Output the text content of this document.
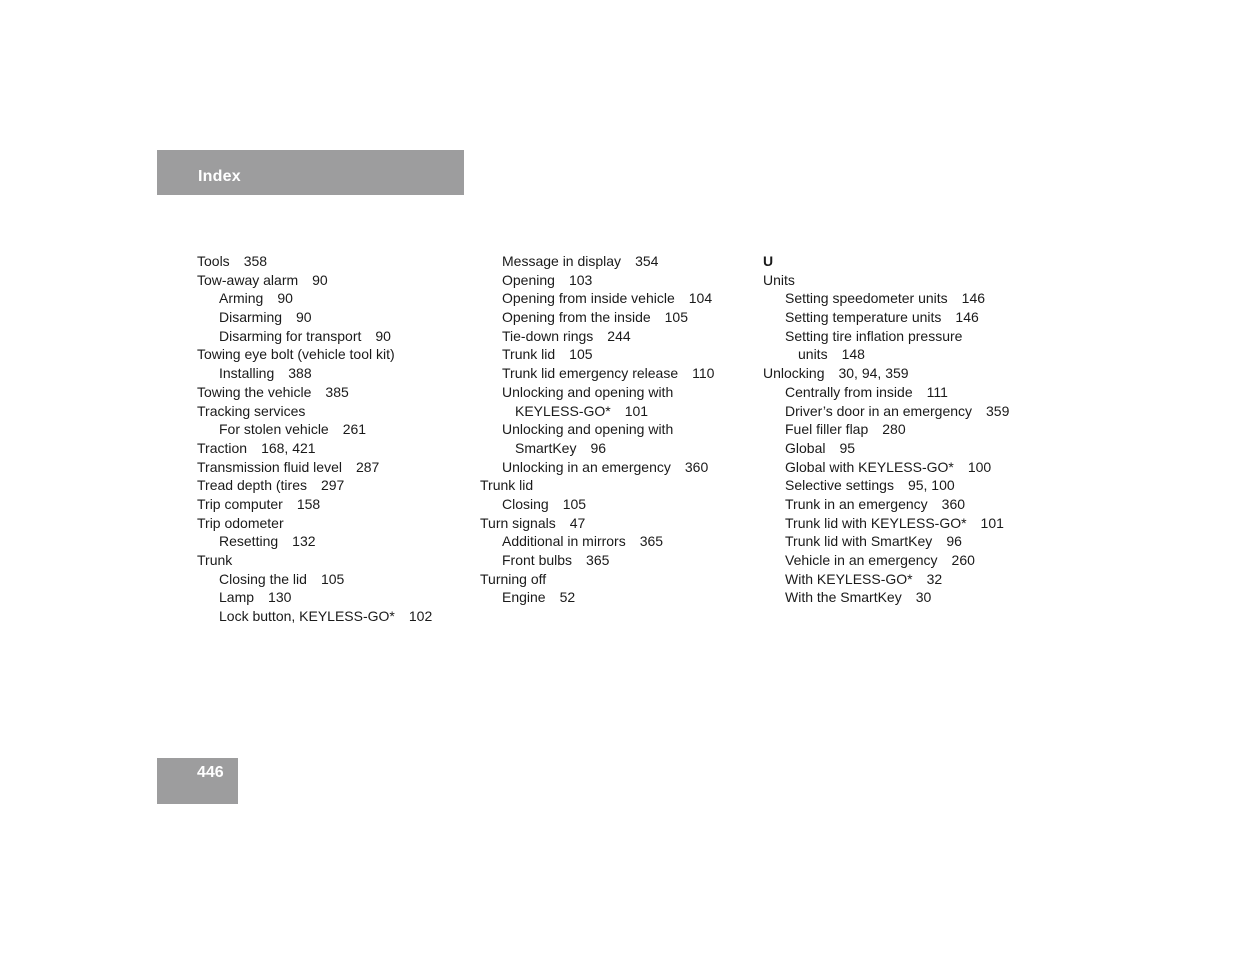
Index
Tools 358
Tow-away alarm 90
Arming 90
Disarming 90
Disarming for transport 90
Towing eye bolt (vehicle tool kit)
Installing 388
Towing the vehicle 385
Tracking services
For stolen vehicle 261
Traction 168, 421
Transmission fluid level 287
Tread depth (tires 297
Trip computer 158
Trip odometer
Resetting 132
Trunk
Closing the lid 105
Lamp 130
Lock button, KEYLESS-GO* 102
Message in display 354
Opening 103
Opening from inside vehicle 104
Opening from the inside 105
Tie-down rings 244
Trunk lid 105
Trunk lid emergency release 110
Unlocking and opening with
KEYLESS-GO* 101
Unlocking and opening with
SmartKey 96
Unlocking in an emergency 360
Trunk lid
Closing 105
Turn signals 47
Additional in mirrors 365
Front bulbs 365
Turning off
Engine 52
U
Units
Setting speedometer units 146
Setting temperature units 146
Setting tire inflation pressure
units 148
Unlocking 30, 94, 359
Centrally from inside 111
Driver’s door in an emergency 359
Fuel filler flap 280
Global 95
Global with KEYLESS-GO* 100
Selective settings 95, 100
Trunk in an emergency 360
Trunk lid with KEYLESS-GO* 101
Trunk lid with SmartKey 96
Vehicle in an emergency 260
With KEYLESS-GO* 32
With the SmartKey 30
446
